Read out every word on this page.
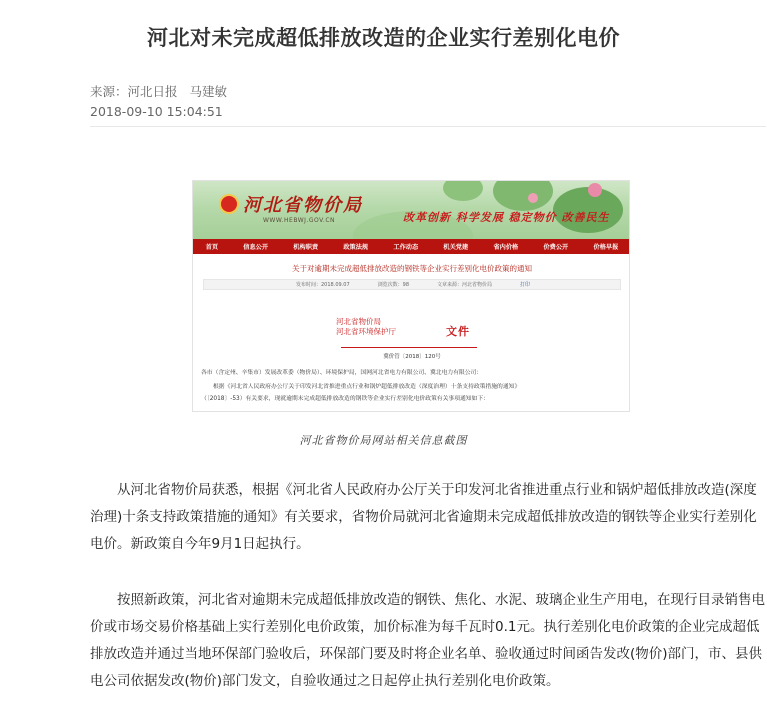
河北对未完成超低排放改造的企业实行差别化电价
来源：河北日报 马建敏
2018-09-10 15:04:51
河北省物价局
WWW.HEBWJ.GOV.CN	改革创新 科学发展 稳定物价 改善民生
首页	信息公开	机构职责	政策法规	工作动态	机关党建	省内价格	价费公开	价格早报
关于对逾期未完成超低排放改造的钢铁等企业实行差别化电价政策的通知
发布时间：2018.09.07	浏览次数：98	文章来源：河北省物价局	打印
河北省物价局
河北省环境保护厅	文件
冀价管〔2018〕120号
各市（含定州、辛集市）发展改革委（物价局）、环境保护局，国网河北省电力有限公司、冀北电力有限公司：
根据《河北省人民政府办公厅关于印发河北省推进重点行业和锅炉超低排放改造（深度治理）十条支持政策措施的通知》
（〔2018〕-53）有关要求，现就逾期未完成超低排放改造的钢铁等企业实行差别化电价政策有关事项通知如下：
河北省物价局网站相关信息截图

从河北省物价局获悉，根据《河北省人民政府办公厅关于印发河北省推进重点行业和锅炉超低排放改造(深度治理)十条支持政策措施的通知》有关要求，省物价局就河北省逾期未完成超低排放改造的钢铁等企业实行差别化电价。新政策自今年9月1日起执行。

按照新政策，河北省对逾期未完成超低排放改造的钢铁、焦化、水泥、玻璃企业生产用电，在现行目录销售电价或市场交易价格基础上实行差别化电价政策，加价标准为每千瓦时0.1元。执行差别化电价政策的企业完成超低排放改造并通过当地环保部门验收后，环保部门要及时将企业名单、验收通过时间函告发改(物价)部门，市、县供电公司依据发改(物价)部门发文，自验收通过之日起停止执行差别化电价政策。
